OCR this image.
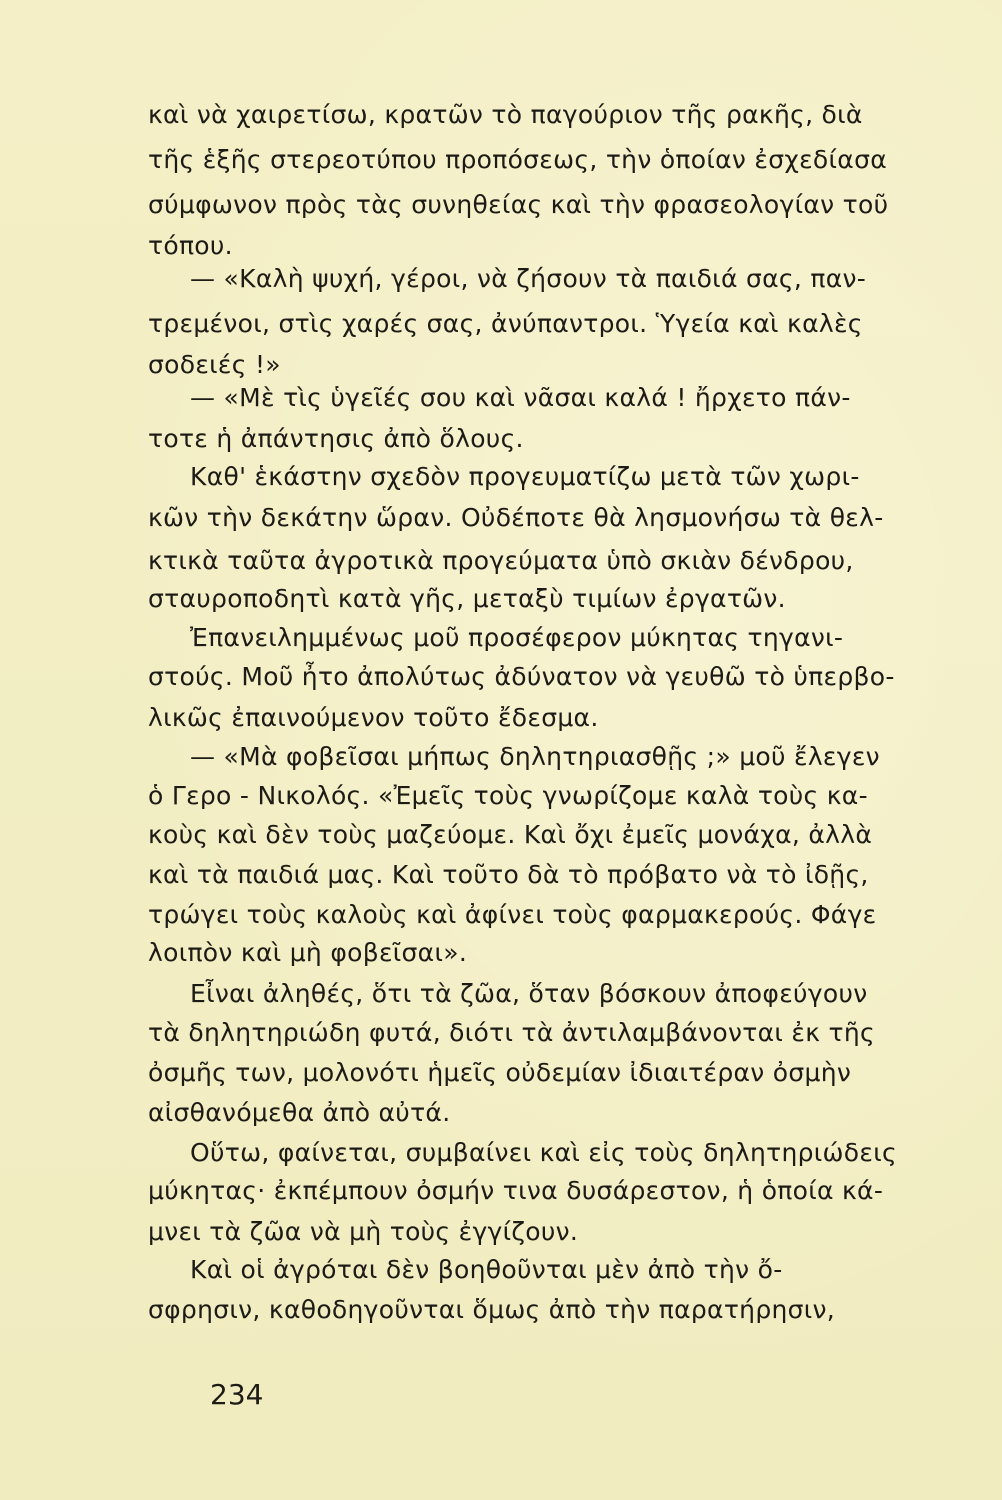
καὶ νὰ χαιρετίσω, κρατῶν τὸ παγούριον τῆς ρακῆς, διὰ
τῆς ἑξῆς στερεοτύπου προπόσεως, τὴν ὁποίαν ἐσχεδίασα
σύμφωνον πρὸς τὰς συνηθείας καὶ τὴν φρασεολογίαν τοῦ
τόπου.
— «Καλὴ ψυχή, γέροι, νὰ ζήσουν τὰ παιδιά σας, παν-
τρεμένοι, στὶς χαρές σας, ἀνύπαντροι. Ὑγεία καὶ καλὲς
σοδειές !»
— «Μὲ τὶς ὑγεῖές σου καὶ νᾶσαι καλά ! ἤρχετο πάν-
τοτε ἡ ἀπάντησις ἀπὸ ὅλους.
Καθ' ἑκάστην σχεδὸν προγευματίζω μετὰ τῶν χωρι-
κῶν τὴν δεκάτην ὥραν. Οὐδέποτε θὰ λησμονήσω τὰ θελ-
κτικὰ ταῦτα ἀγροτικὰ προγεύματα ὑπὸ σκιὰν δένδρου,
σταυροποδητὶ κατὰ γῆς, μεταξὺ τιμίων ἐργατῶν.
Ἐπανειλημμένως μοῦ προσέφερον μύκητας τηγανι-
στούς. Μοῦ ἦτο ἀπολύτως ἀδύνατον νὰ γευθῶ τὸ ὑπερβο-
λικῶς ἐπαινούμενον τοῦτο ἔδεσμα.
— «Μὰ φοβεῖσαι μήπως δηλητηριασθῇς ;» μοῦ ἔλεγεν
ὁ Γερο - Νικολός. «Ἐμεῖς τοὺς γνωρίζομε καλὰ τοὺς κα-
κοὺς καὶ δὲν τοὺς μαζεύομε. Καὶ ὄχι ἐμεῖς μονάχα, ἀλλὰ
καὶ τὰ παιδιά μας. Καὶ τοῦτο δὰ τὸ πρόβατο νὰ τὸ ἰδῇς,
τρώγει τοὺς καλοὺς καὶ ἀφίνει τοὺς φαρμακερούς. Φάγε
λοιπὸν καὶ μὴ φοβεῖσαι».
Εἶναι ἀληθές, ὅτι τὰ ζῶα, ὅταν βόσκουν ἀποφεύγουν
τὰ δηλητηριώδη φυτά, διότι τὰ ἀντιλαμβάνονται ἐκ τῆς
ὀσμῆς των, μολονότι ἡμεῖς οὐδεμίαν ἰδιαιτέραν ὀσμὴν
αἰσθανόμεθα ἀπὸ αὐτά.
Οὕτω, φαίνεται, συμβαίνει καὶ εἰς τοὺς δηλητηριώδεις
μύκητας· ἐκπέμπουν ὀσμήν τινα δυσάρεστον, ἡ ὁποία κά-
μνει τὰ ζῶα νὰ μὴ τοὺς ἐγγίζουν.
Καὶ οἱ ἀγρόται δὲν βοηθοῦνται μὲν ἀπὸ τὴν ὄ-
σφρησιν, καθοδηγοῦνται ὅμως ἀπὸ τὴν παρατήρησιν,
234
